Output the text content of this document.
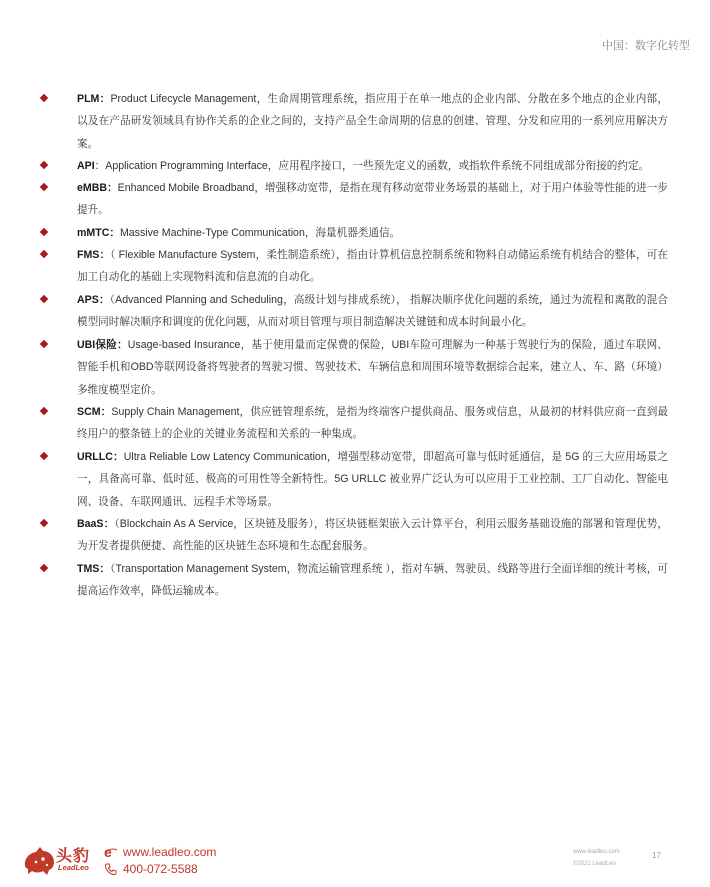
中国：数字化转型
PLM：Product Lifecycle Management，生命周期管理系统，指应用于在单一地点的企业内部、分散在多个地点的企业内部，以及在产品研发领域具有协作关系的企业之间的，支持产品全生命周期的信息的创建、管理、分发和应用的一系列应用解决方案。
API：Application Programming Interface，应用程序接口，一些预先定义的函数，或指软件系统不同组成部分衔接的约定。
eMBB：Enhanced Mobile Broadband，增强移动宽带，是指在现有移动宽带业务场景的基础上，对于用户体验等性能的进一步提升。
mMTC：Massive Machine-Type Communication，海量机器类通信。
FMS：（ Flexible Manufacture System，柔性制造系统），指由计算机信息控制系统和物料自动储运系统有机结合的整体，可在加工自动化的基础上实现物料流和信息流的自动化。
APS：（Advanced Planning and Scheduling，高级计划与排成系统）， 指解决顺序优化问题的系统，通过为流程和离散的混合模型同时解决顺序和调度的优化问题，从而对项目管理与项目制造解决关键链和成本时间最小化。
UBI保险：Usage-based Insurance，基于使用量而定保费的保险，UBI车险可理解为一种基于驾驶行为的保险，通过车联网、智能手机和OBD等联网设备将驾驶者的驾驶习惯、驾驶技术、车辆信息和周围环境等数据综合起来，建立人、车、路（环境）多维度模型定价。
SCM：Supply Chain Management，供应链管理系统，是指为终端客户提供商品、服务或信息，从最初的材料供应商一直到最终用户的整条链上的企业的关键业务流程和关系的一种集成。
URLLC：Ultra Reliable Low Latency Communication，增强型移动宽带，即超高可靠与低时延通信，是 5G 的三大应用场景之一，具备高可靠、低时延、极高的可用性等全新特性。5G URLLC 被业界广泛认为可以应用于工业控制、工厂自动化、智能电网、设备、车联网通讯、远程手术等场景。
BaaS：（Blockchain As A Service，区块链及服务），将区块链框架嵌入云计算平台，利用云服务基础设施的部署和管理优势，为开发者提供便捷、高性能的区块链生态环境和生态配套服务。
TMS：（Transportation Management System，物流运输管理系统 ），指对车辆、驾驶员、线路等进行全面详细的统计考核，可提高运作效率，降低运输成本。
头豹
LeadLeo
e www.leadleo.com
400-072-5588
www.leadleo.com
©2021 LeadLeo
17
